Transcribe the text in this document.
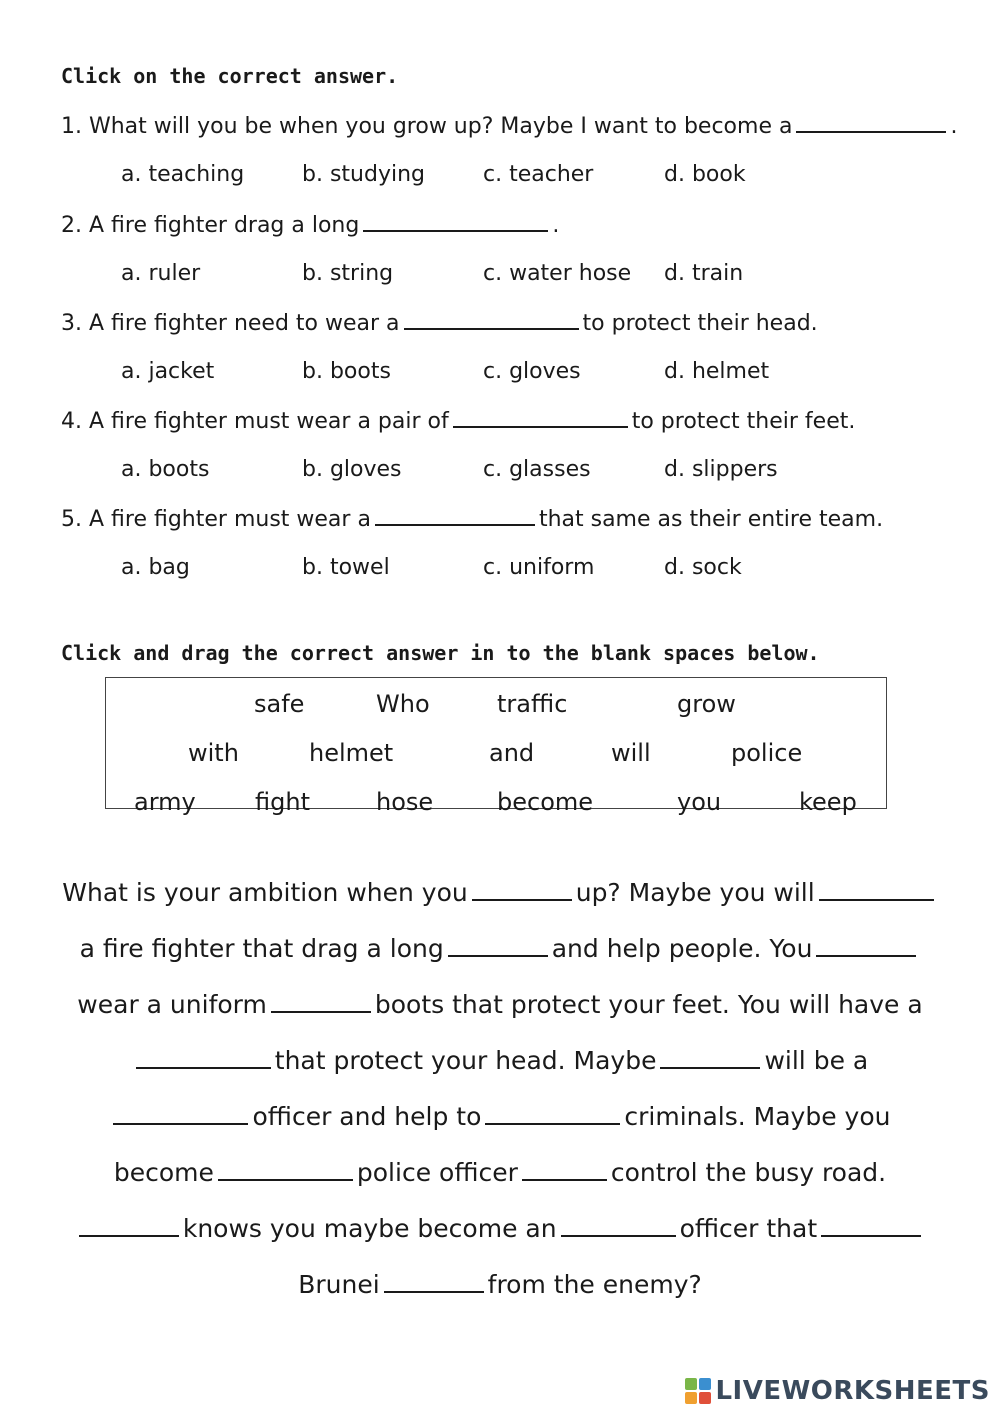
Click on the correct answer.
1. What will you be when you grow up? Maybe I want to become a	.
a. teaching	b. studying	c. teacher	d. book
2. A fire fighter drag a long	.
a. ruler	b. string	c. water hose d. train
3. A fire fighter need to wear a	to protect their head.
a. jacket	b. boots	c. gloves	d. helmet
4. A fire fighter must wear a pair of	to protect their feet.
a. boots	b. gloves	c. glasses	d. slippers
5. A fire fighter must wear a	that same as their entire team.
a. bag	b. towel	c. uniform	d. sock
Click and drag the correct answer in to the blank spaces below.
safe	Who	traffic	grow
with	helmet	and	will	police
army fight	hose	become	you	keep
What is your ambition when you	up? Maybe you will
a fire fighter that drag a long	and help people. You
wear a uniform	boots that protect your feet. You will have a
that protect your head. Maybe	will be a
officer and help to	criminals. Maybe you
become	police officer	control the busy road.
knows you maybe become an	officer that
Brunei	from the enemy?
LIVEWORKSHEETS
